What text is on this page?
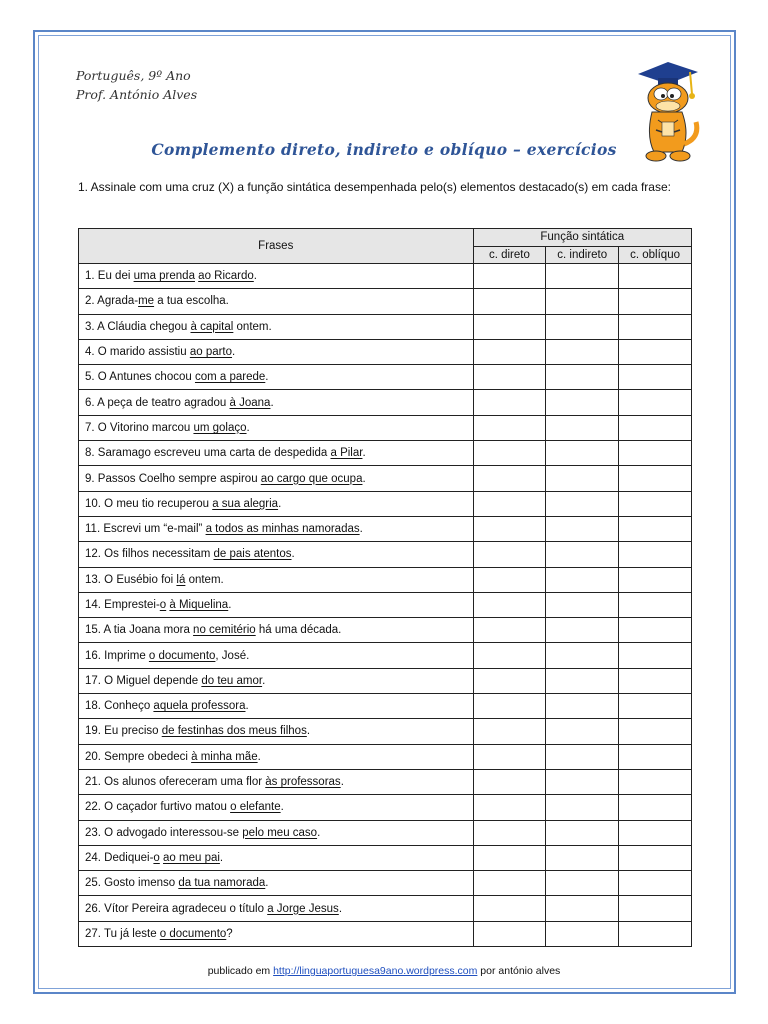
Português, 9º Ano
Prof. António Alves
Complemento direto, indireto e oblíquo – exercícios
1. Assinale com uma cruz (X) a função sintática desempenhada pelo(s) elementos destacado(s) em cada frase:
Frases	Função sintática		
	c. direto	c. indireto	c. oblíquo
1. Eu dei uma prenda ao Ricardo.			
2. Agrada-me a tua escolha.			
3. A Cláudia chegou à capital ontem.			
4. O marido assistiu ao parto.			
5. O Antunes chocou com a parede.			
6. A peça de teatro agradou à Joana.			
7. O Vitorino marcou um golaço.			
8. Saramago escreveu uma carta de despedida a Pilar.			
9. Passos Coelho sempre aspirou ao cargo que ocupa.			
10. O meu tio recuperou a sua alegria.			
11. Escrevi um “e-mail” a todos as minhas namoradas.			
12. Os filhos necessitam de pais atentos.			
13. O Eusébio foi lá ontem.			
14. Emprestei-o à Miquelina.			
15. A tia Joana mora no cemitério há uma década.			
16. Imprime o documento, José.			
17. O Miguel depende do teu amor.			
18. Conheço aquela professora.			
19. Eu preciso de festinhas dos meus filhos.			
20. Sempre obedeci à minha mãe.			
21. Os alunos ofereceram uma flor às professoras.			
22. O caçador furtivo matou o elefante.			
23. O advogado interessou-se pelo meu caso.			
24. Dediquei-o ao meu pai.			
25. Gosto imenso da tua namorada.			
26. Vítor Pereira agradeceu o título a Jorge Jesus.			
27. Tu já leste o documento?			
publicado em http://linguaportuguesa9ano.wordpress.com por antónio alves
